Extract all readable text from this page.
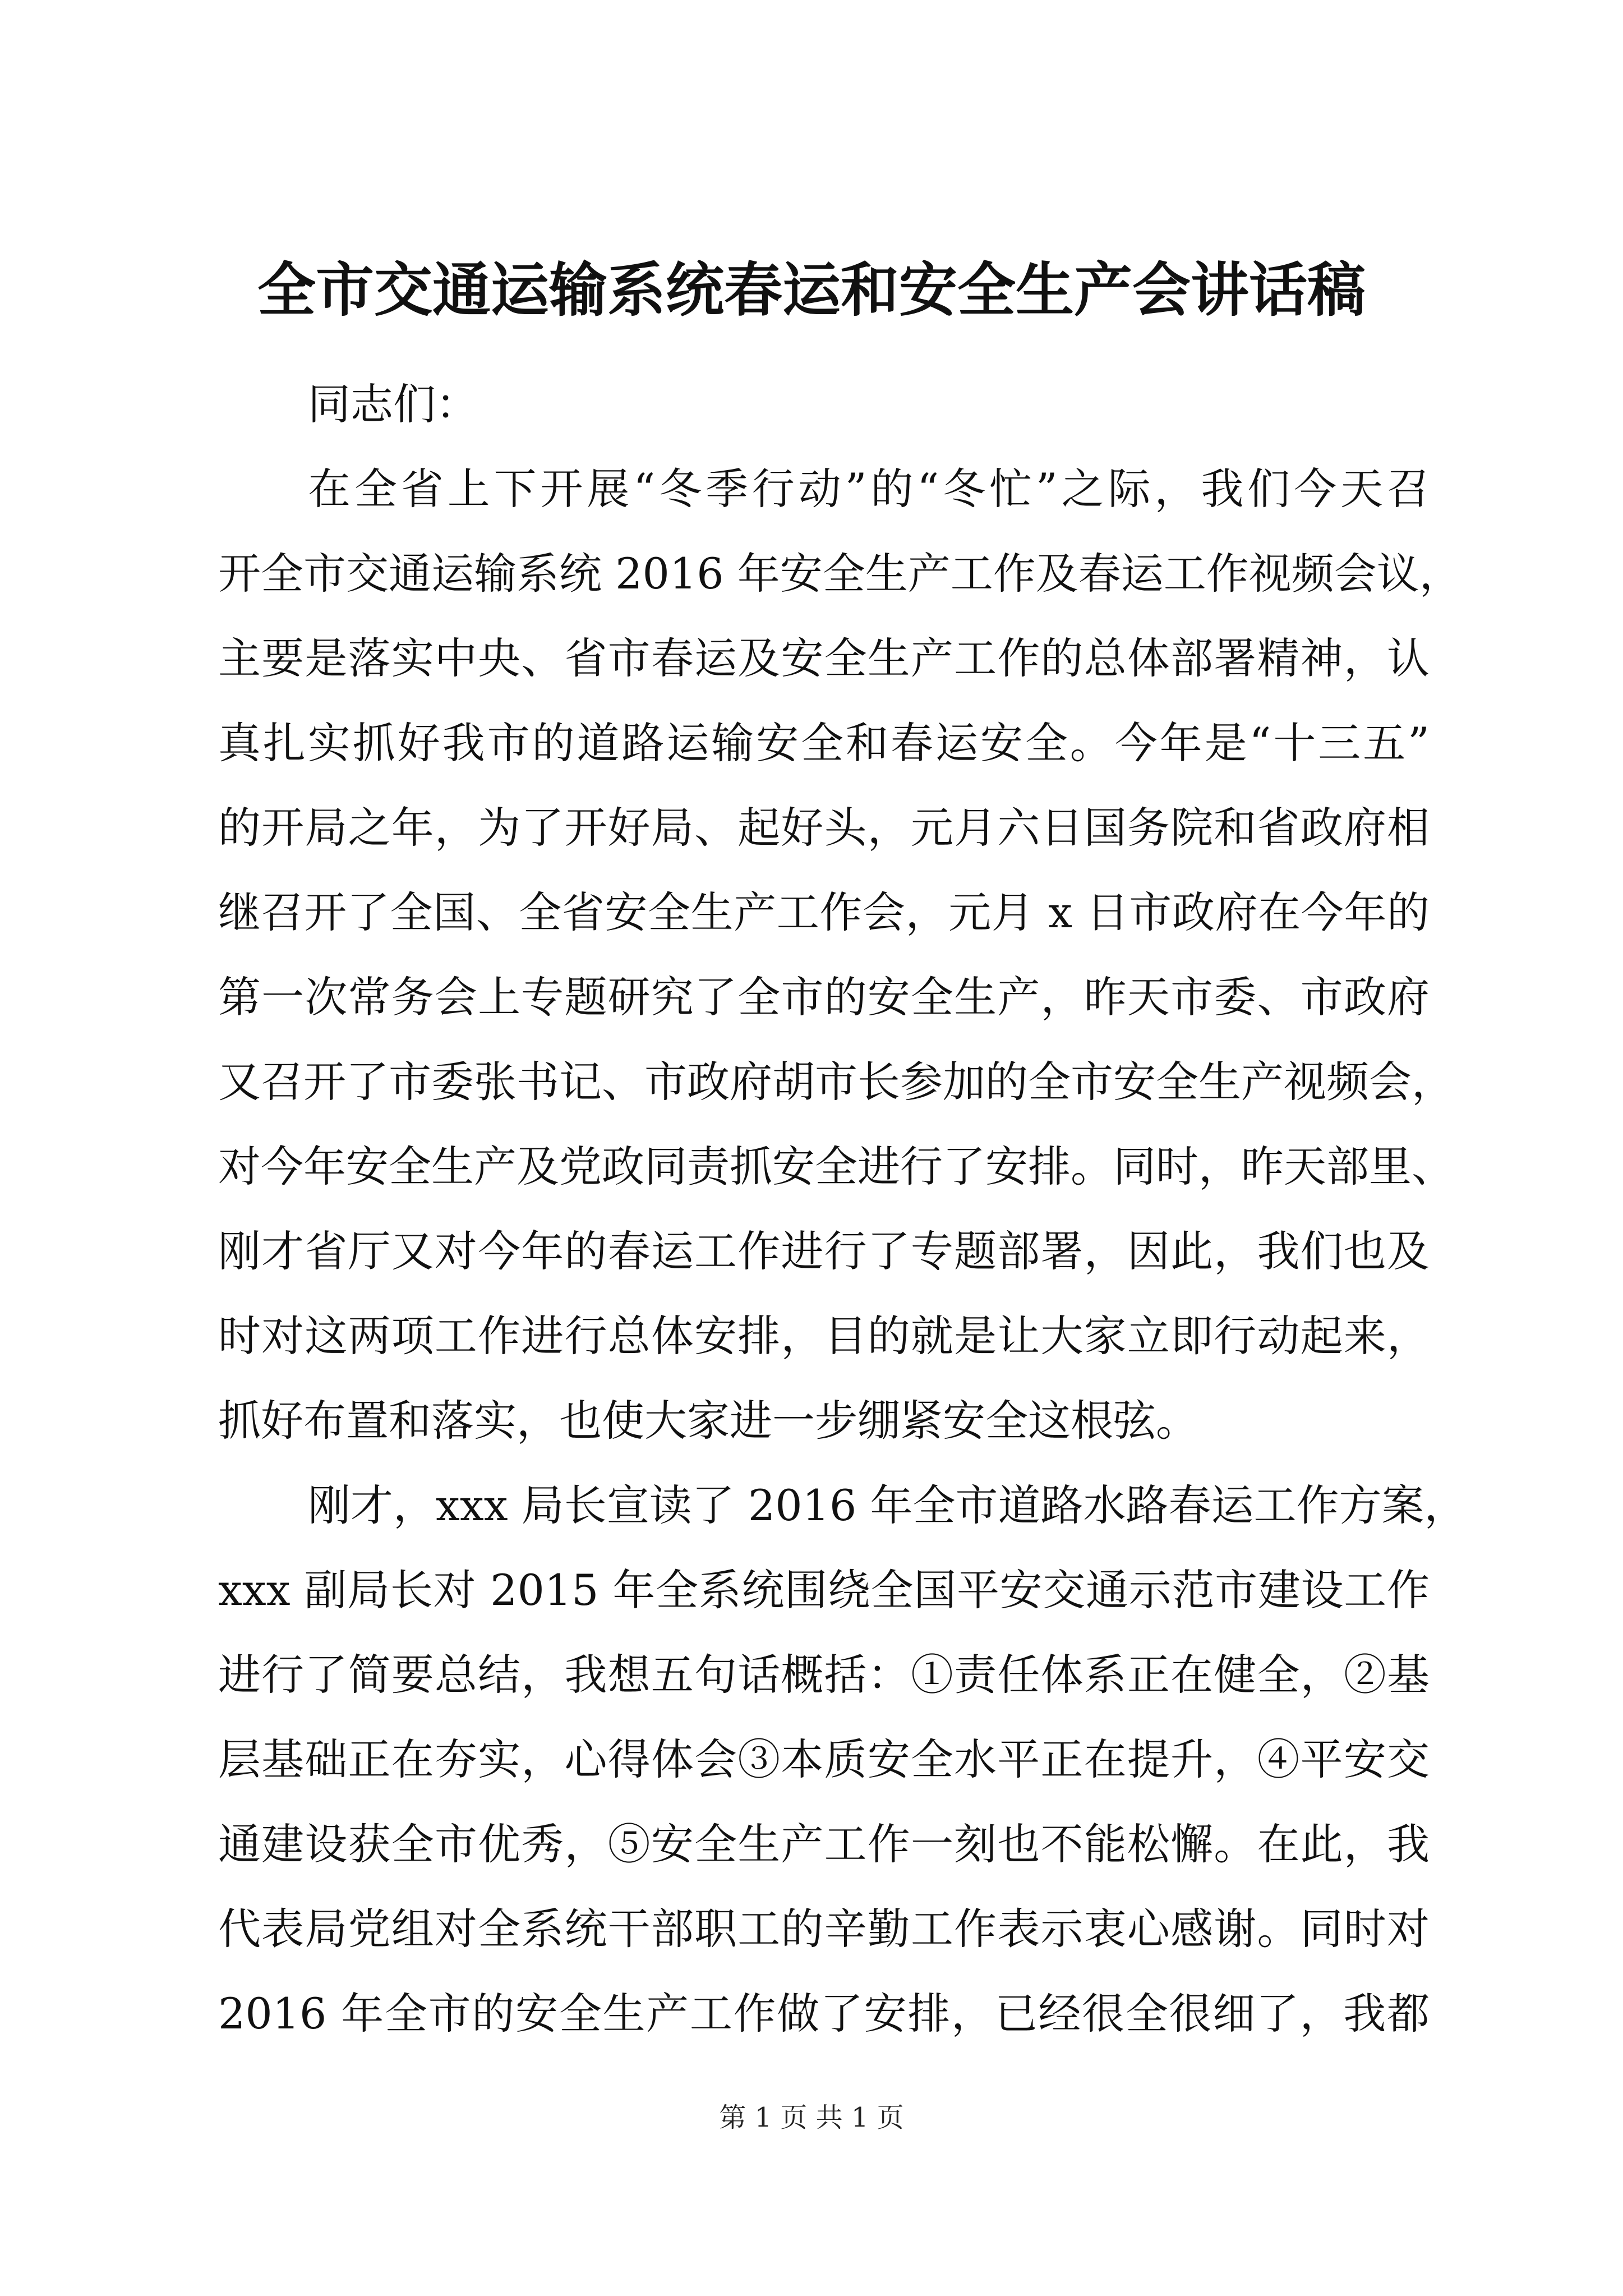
全市交通运输系统春运和安全生产会讲话稿
同志们：
在全省上下开展“冬季行动”的“冬忙”之际，我们今天召
开全市交通运输系统 2016 年安全生产工作及春运工作视频会议，
主要是落实中央、省市春运及安全生产工作的总体部署精神，认
真扎实抓好我市的道路运输安全和春运安全。今年是“十三五”
的开局之年，为了开好局、起好头，元月六日国务院和省政府相
继召开了全国、全省安全生产工作会，元月 x 日市政府在今年的
第一次常务会上专题研究了全市的安全生产，昨天市委、市政府
又召开了市委张书记、市政府胡市长参加的全市安全生产视频会，
对今年安全生产及党政同责抓安全进行了安排。同时，昨天部里、
刚才省厅又对今年的春运工作进行了专题部署，因此，我们也及
时对这两项工作进行总体安排，目的就是让大家立即行动起来，
抓好布置和落实，也使大家进一步绷紧安全这根弦。
刚才，xxx 局长宣读了 2016 年全市道路水路春运工作方案，
xxx 副局长对 2015 年全系统围绕全国平安交通示范市建设工作
进行了简要总结，我想五句话概括：①责任体系正在健全，②基
层基础正在夯实，心得体会③本质安全水平正在提升，④平安交
通建设获全市优秀，⑤安全生产工作一刻也不能松懈。在此，我
代表局党组对全系统干部职工的辛勤工作表示衷心感谢。同时对
2016 年全市的安全生产工作做了安排，已经很全很细了，我都
第 1 页 共 1 页
